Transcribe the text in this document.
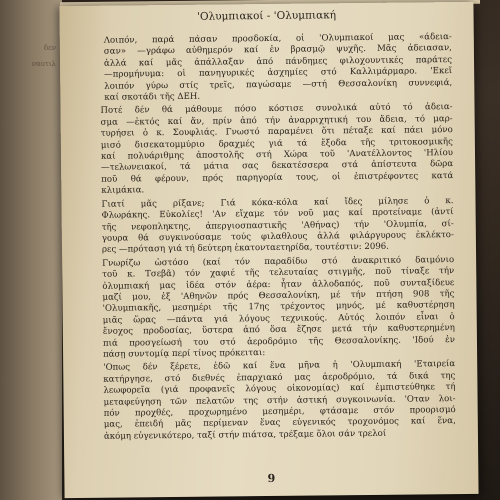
δεν
ναυτιλ
'Ολυμπιακοί - 'Ολυμπιακή

Λοιπόν, παρά πάσαν προσδοκία, οἱ 'Ολυμπιακοί μας «άδεια-
σαν» —γράφω αὐθημερόν καί ἐν βρασμῷ ψυχῆς. Μᾶς ἀδειασαν,
ἀλλά καί μᾶς ἀπάλλαξαν ἀπό πάνδημες φιλοχουντικές παράτες
—προμήνυμα: οἱ πανηγυρικές ἀσχημίες στό Καλλιμάρμαρο. 'Εκεῖ
λοιπόν γύρω στίς τρεῖς, παγώσαμε —στή Θεσσαλονίκη συννεφιά,
καί σκοτάδι τῆς ΔΕΗ.

Ποτέ δέν θά μάθουμε πόσο κόστισε συνολικά αὐτό τό ἀδεια-
σμα —ἐκτός καί ἄν, πρίν ἀπό τήν ἀναρριχητική του ἄδεια, τό μαρ-
τυρήσει ὁ κ. Σουφλιάς. Γνωστό παραμένει ὅτι πέταξε καί πάει μόνο
μισό δισεκατομμύριο δραχμές γιά τά ἔξοδα τῆς τριτοκοσμικῆς
καί πολυάριθμης ἀποστολῆς στή Χώρα τοῦ 'Ανατέλλοντος 'Ηλίου
—τελωνειακοί, τά μάτια σας δεκατέσσερα στά ἀπίστευτα δῶρα
ποῦ θά φέρουν, πρός παρηγορία τους, οἱ ἐπιστρέφοντες κατά
κλιμάκια.

Γιατί μᾶς ρίξανε; Γιά κόκα-κόλα καί ἴδες μίλησε ὁ κ.
Φλωράκης. Εὐκολίες! 'Αν εἴχαμε τόν νοῦ μας καί προτείναμε (ἀντί
τῆς νεφοπληκτης, ἀπεργιοσπαστικῆς 'Αθήνας) τήν 'Ολυμπία, σί-
γουρα θά συγκινούσαμε τούς φιλαθλους ἀλλά φιλάργυρους ἐκλέκτο-
ρες —πρόταση γιά τή δεύτερη ἑκατονταετηρίδα, τουτέστιν: 2096.

Γνωρίζω ὡστόσο (καί τόν παραδίδω στό ἀνακριτικό δαιμόνιο
τοῦ κ. Τσεβᾶ) τόν χαφιέ τῆς τελευταίας στιγμῆς, ποῦ τίναξε τήν
ὀλυμπιακή μας ἰδέα στόν ἀέρα: ἦταν ἀλλοδαπός, ποῦ συνταξίδευε
μαζί μου, ἐξ 'Αθηνῶν πρός Θεσσαλονίκη, μέ τήν πτήση 908 τῆς
'Ολυμπιακῆς, μεσημέρι τῆς 17ης τρέχοντος μηνός, μέ καθυστέρηση
μιᾶς ὥρας —πάντα γιά λόγους τεχνικούς. Αὐτός λοιπόν εἶναι ὁ
ἔνοχος προδοσίας, ὕστερα ἀπό ὅσα ἔζησε μετά τήν καθυστερημένη
πιά προσγείωσή του στό ἀεροδρόμιο τῆς Θεσσαλονίκης. 'Ιδού ἐν
πάσῃ συντομίᾳ περί τίνος πρόκειται:

'Οπως δέν ξέρετε, ἐδῶ καί ἕνα μῆνα ἡ 'Ολυμπιακή 'Εταιρεία
κατήργησε, στό διεθνές ἐπαρχιακό μας ἀεροδρόμιο, τά δικά της
λεωφορεῖα (γιά προφανεῖς λόγους οἰκονομίας) καί ἐμπιστεύθηκε τή
μεταφεύγηση τῶν πελατῶν της στήν ἀστική συγκοινωνία. 'Οταν λοι-
πόν προχθές, προχωρημένο μεσημέρι, φτάσαμε στόν προορισμό
μας, ἐπειδή μᾶς περίμεναν ἕνας εὐγενικός τροχονόμος καί ἕνα,
ἀκόμη εὐγενικότερο, ταξί στήν πιάτσα, τρέξαμε ὅλοι σάν τρελοί

9
